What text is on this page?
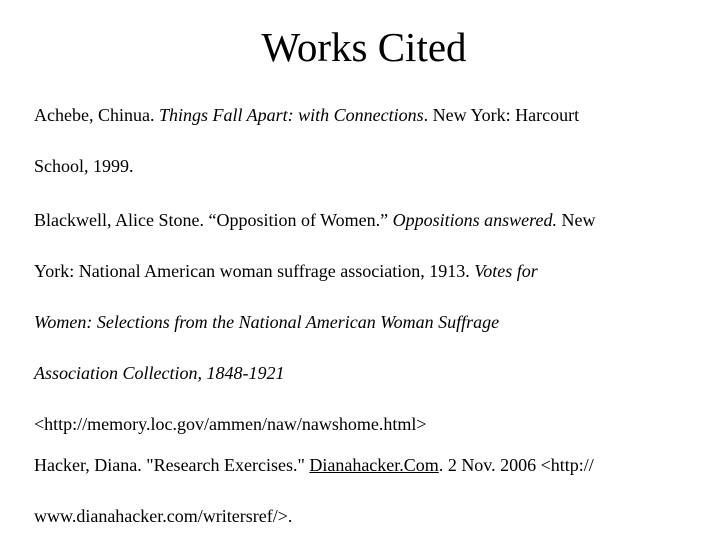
Works Cited
Achebe, Chinua. Things Fall Apart: with Connections. New York: Harcourt
School, 1999.
Blackwell, Alice Stone. “Opposition of Women.” Oppositions answered. New
York: National American woman suffrage association, 1913. Votes for
Women: Selections from the National American Woman Suffrage
Association Collection, 1848-1921
<http://memory.loc.gov/ammen/naw/nawshome.html>
Hacker, Diana. "Research Exercises." Dianahacker.Com. 2 Nov. 2006 <http://
www.dianahacker.com/writersref/>.
